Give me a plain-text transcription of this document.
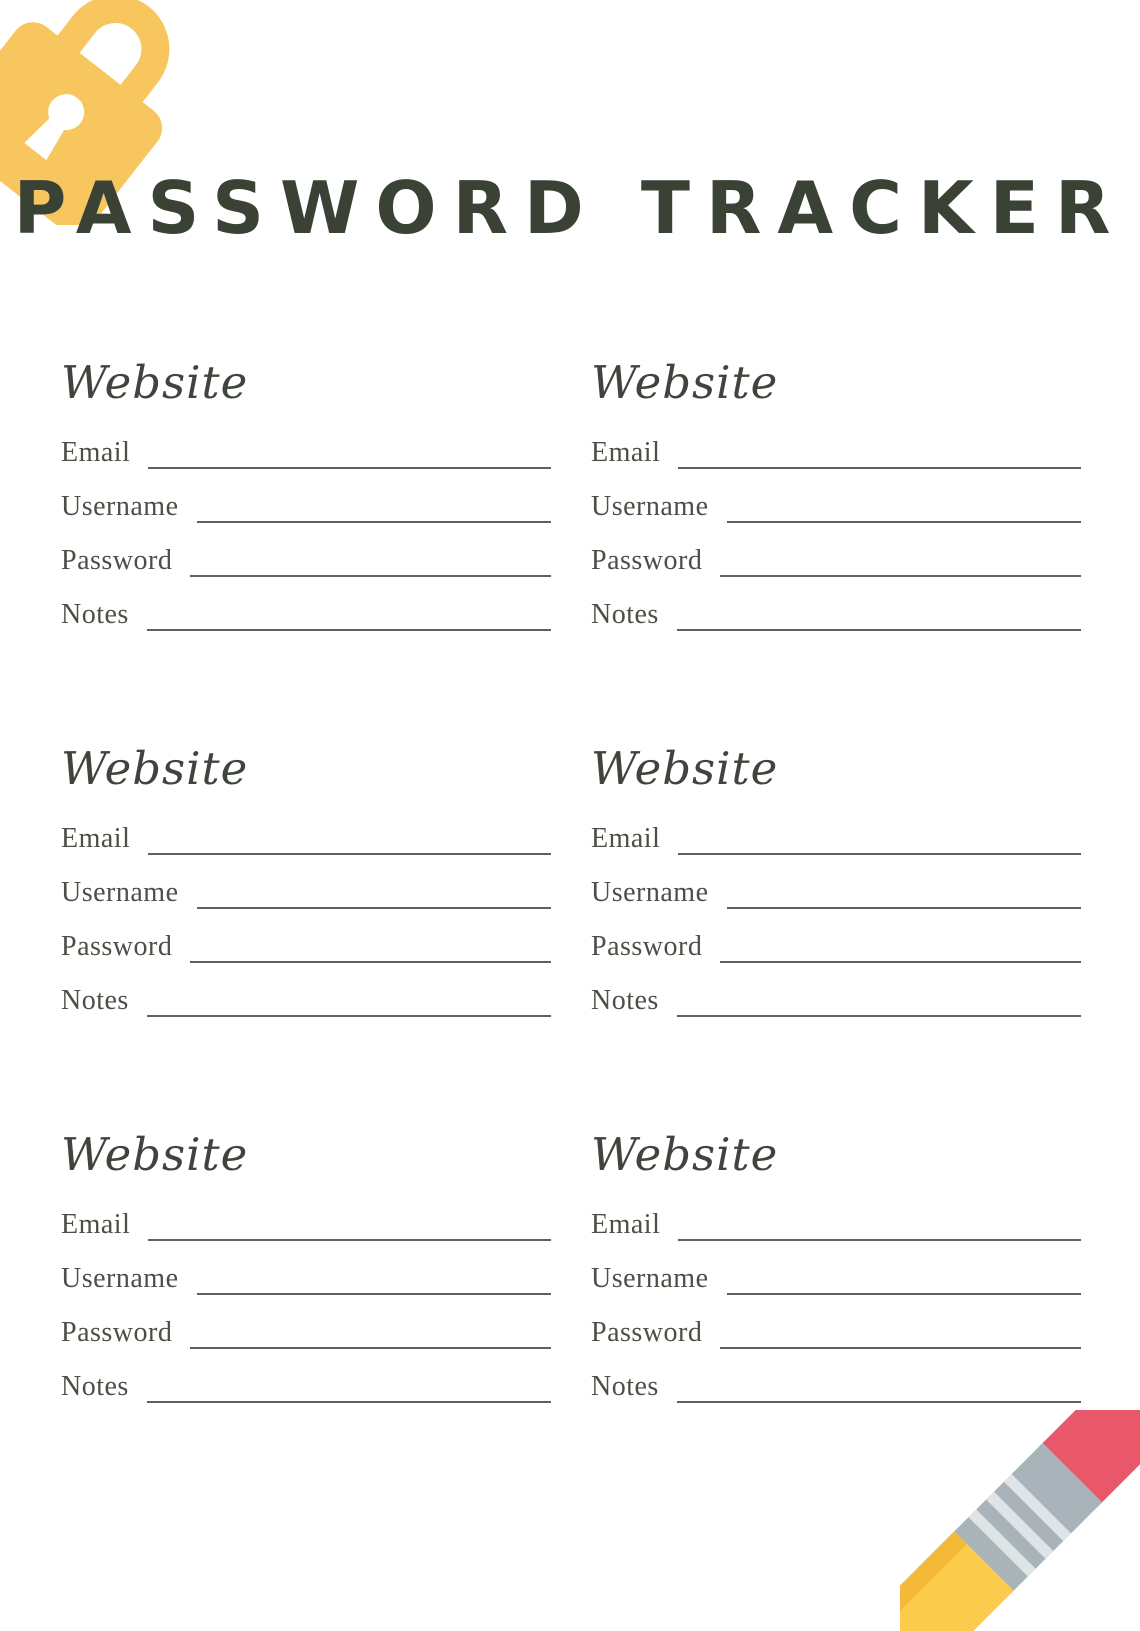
PASSWORD TRACKER
Website
Email
Username
Password
Notes
Website
Email
Username
Password
Notes
Website
Email
Username
Password
Notes
Website
Email
Username
Password
Notes
Website
Email
Username
Password
Notes
Website
Email
Username
Password
Notes
